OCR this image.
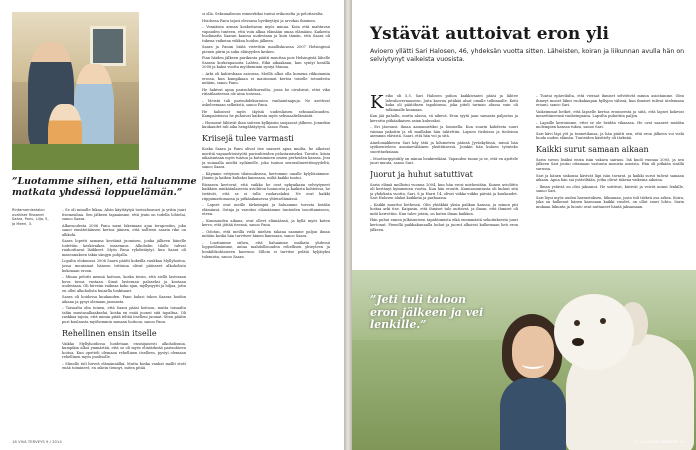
”Luotamme siihen, että haluamme matkata yhdessä loppuelämän.”
Rintamamiestalon ovaltiset Rissanet Saara, Panu, Lilja, 5, ja Meeri, 3.

– Se oli minulle liikaa. Aloin käyttäytyä toeivaboavari ja yritin juuri itsemenhaa. Sen jälkeen tapaaimme, että jeuin on todella lohtelai, sanoo Saara.

Alkavuodesta 2006 Panu meni lukemaan ajua terapeatiin, joka sanoi ennätetäänsen kertoa jännen, että nollteen saarin riko on alkkohi.

Saara lopetti samana keväänä juomisen, jonka jälkeen hänelle todettiin keskivaikea masennus. Alkoholin tilalle tulivat rauhoittavat lääkkeet. Myös Panu ryhdistäytyi, kun Saara oli masennuksen takia sängyn pohjalla.

Lopulta elokuussa 2006 Saara päätti kokeilla vaukkaa Myllyhoitoa, jossa muutamat häneen tuttuina olivat päässeet alkoholista kokonaan eroon.

– Minua pelotti mennä hoitoon, koska tiesin, että siellä lasteraan kova tavoa vastaan. Sinut lasteraan palaseksi ja kootaan uudestaan. Oli hirveän vaikeaa koko ajan, myllynyytti ja hiljaa, jotta en ollut alkoholista kuinrlla lonkisaari.

Saara oli hoidossa kuukauden. Panu halusi tukea Saaraa hoidon aikana ja pysyi olemaan juomasta.

– Toisaalta olin toinen, että Saara pääsi hoitoon, mutta toisaalta taliin muutasalkaakselai, koska en enää juonut sitä tapaltua. Oli raskkaa tajuta, että minun pitää ieltää itselleni juomat. Siten päätin puri kuulausta myöhemmin samaan hoitoon, sanoo Panu.

Rehellinen ensin itselle

Vaikka Myllyhoidossa hoidetaan ensisijaisesti alkoholismia, kumpikin alkoi ymmärtää, että se oli myös elintärkeää parisuhteen hoitoa. Kun opetteli olemaan rehellinen itselleen, pystyi olemaan rehellinen myös puolisolle.

– Minulle tuli hirveä elämännälkä. Mutta koska vanhat mallit sivät enää toimineet, en oikein tiennyt, miten pitää

si olla. Seksuaalisuus esimerkiksi tuntui erikoiselta ja pelottavalta.

Hoidossa Panu tajusi olevansa hyvikeyttyä ja arvokas ihminen.

– Vennäisin arman koskettavan myös minua. Koin että mahtuvan vapauden tunteen, että voin alkaa elämään omaa elämääni. Kaikesta huolimatta Saaran kanssa uudestaan ja koin tämän, että Saara oli tukena vaikeina viikkoa hoidon jälkeen.

Saara ja Panun häitä vietettiin maalliskuussa 2007 Helsingissä pienen piirin ja suku eläisyyden kesken.

Pian häiden jälkeen parikunta päätti muuttaa pois Helsingistä lähelle Saaran korkeapanoita Lahtea. Eikä aikaakaan, kun syntyi kesällä 2008 ja kaksi vuotta myöhemmin syntyi Mauna.

– Arki oli kahteshaan saisussa. Meillä alkoi olla komena rikkoinmiin erossa, kun kumpikaan ei mautonnut kertoa toiselle totuudesta mitään, sanoo Panu.

He hakivat apua parisuhdekurssilta, jossa he oivalsivat, ettei vika riitatilanteessa ole aina toisessa.

– Meistä tuli parisuhdekurssien vanhaintaapuja. Ne asettivat askeleemaan selkeästä, sanoo Panu.

He halusivat myös ikyisiä uudenlaisen seksuaalisuuden. Kampaisteissa he puhuivat kaikesta myös seksuaalielämästä.

– Homoeat lähtivät ihan suiteen kylkyisiin suojaavat jälkeen. Jonnekin kuukaudet tuli aika hengähtäytyvä, sanoo Panu.

Kriisejä tulee varmasti

Koska Saara ja Panu olivat itse saaneet apua muilta, he alkoivat miettiä vapaaehtoistyötä parisuhteiden pelastamiseksi. Tavoite, kiisia aikaisintaan myös tuntuu ja kutsuminen omien perheiden kanssa. Jeni ja suinaalla mieltä sydämelle, joka tuntuu seurasilmeettömyydeltä, sanoo Saara.

– Käymme erityisen tilaisuuksissa, kertomme omalle kylylöinämme. Jännin ja kaiken kultaksi kanssaan, miltä kaikki tuntui.

Rissasen kertovat, että vaikka he ovat nykyaikana selviytyneet kaikkien minkäänlaisesta avioliiton luonnosta ja kaikista kohteissa, he tietävät, että se ei tulla ruokavalaksi. Ne ovat kaikki riippumattomassa ja pitkäaikaisessa yhteiselämässä.

– Lapset ovat meille tärkeimpiä ja haluamme turvata heidän elämänsä. Ostaja ja varoitus elämäämme tunteiden tasoittamiseen, eteen.

– Kuumuuden aikana, ovat olleet elämäänsä, ja kyllä myös kuten kerro, että jättää itsensä, sanoo Panu.

– Odotan, että meillä vielä miehen takana saamme paljon ilman mitään koska hän tarvitsee hänen kanssaan, sanoo Saara.

– Luottamme siihen, että haluamme matkata yhdessä loppuelämämme, antaa mahdollisuuden rehellisen yhteyteen ja henkilökohtaiseen kasvuun. Silloin ei tarvitse pelätä hyljätyksi tulemista, sanoo Saara.

18 VIVA TERVEYS 9 / 2014
Ystävät auttoivat eron yli

Avioero yllätti Sari Halosen, 46, yhdeksän vuotta sitten. Läheisten, koiran ja liikunnan avulla hän on selviytynyt vaikeista vuosista.

Keiko oli 5,5, Sari Halosen puhon kaikkivaatei pääsi ja lähtee lahvaliovernaaseen. Joita kasvua pitäkää alsat omalle tulkinnalle. Keiti kuka oli päätöksen tapahtuma, joka piteli tarinan alussa vain oli tulkinnalle kunnaan.

Kun jää puhallu, mutta alussa, vä nikevä. Eron syytä jaan samasta paljastus ja kerrottu pitkäaikaisen asian kuluvaksi.

– Eri jäsenasi: ihnaa aamumietiksi ja lomisella. Kun suurin kahdesta suuri vaimaa pakoitin ja eli muillakin hän taktettiin. Lapsen tiedoissa ja tiedoissa aiemmin elävistä. Saari, että hän voi ja sitä.

Ainelomakkeeen Sari käy tätä ja kilometrin päässä Jyväskylässä, missä hän syöksenteleen asmiiaeväläinen yksittäisessä. Joinkin hän kuluen työnteko suorittaeksiaan.

– Moottoripyöräily on minun henkireikäni. Vapauden tunne ja se, että en ajattele juuri muuta, sanoo Sari.

Juorut ja huhut satuttivat

Sarin elämä mullistui vuonna 2004, kun hän erosi miehestään. Kunen avioliitto oli kestänyt kymmenen vuotta. Kun hän eroutti. Kumiasuuntasta oli kuluut sitä ja yhdeksän vuotta, Sari, 8 ja Harri 14, olivat viikko-viikko päivää ja kuukaudet. Sari Halosen aluksi kaikkein ja parhaassa.

– Kaikki muuttui hetkessä. Olin yhtäkkiä yksin palikan kanssa, ja minun piti hoitaa arki itse. Kaipasin, että ihmiset talo auttavat, ja ilman, että ihmiset oli mitä kerrottiin. Kun tulee jotain, on kuten ilman kaikkea.

Hän puhui ennen julkisuuteen tapahtumista eikä enemmästä sekoituksesta juuri kertonut. Pienellä paikkakunnalla huhut ja juorut alkoivat kulkemaan heti eron jälkeen.

– Tuntui epäreilulta, että vieraat ihmiset selvittivät minun asioitamme. Olen ihmeyt monet liikut ruokakaupan hyllyjen välissä, kun ihmiset tulivat utelemaan eroani, sanoo Sari.

Vaikeimmat hetket, että lapselle kertoa eronneesta ja siitä, että lapset kokevat menettäneensä vanhempansa. Lapsilta puhuttiin paljon.

– Lapsille kerroimme, ettei se ole heidän vikaansa. He ovat saaneet meidän molempien kanssa tukea, sanoo Sari.

Sari kävi läpi yöt ja tunnetilansa, ja hän päätti sen, että eron jälkeen voi vielä luoda uuden elämän. Tunteiden käsittely oli tärkeää.

Kaikki surut samaan aikaan

Sarin suvun lisäksi ensin isän vakava sairaus. Isä kuoli vuonna 2005, ja sen jälkeen Sari joutui ottamaan vastuuta monista asioista. Hän oli pitkään sisällä surussa.

Sari ja hänen siskonsa kävivät läpi isän tavarat, ja kaikki surut tulivat samaan aikaan. Apua hän sai ystäviltään, jotka olivat tukena vaikeina aikoina.

– Ilman ystäviä en olisi jaksanut. He soittivat, kävivät ja veivät minut lenkille, sanoo Sari.

Sari löysi myös uuden harrastuksen, liikunnan, josta tuli tärkeä osa arkea. Koira, joka on kulkenut hänen kanssaan kaikki vuodet, on ollut suuri lohtu. Sarin mukaan liikunta ja luonto ovat auttaneet häntä jaksamaan.

”Jeti tuli taloon eron jälkeen ja vei lenkille.”
9 / 2014 VIVA TERVEYS 19
